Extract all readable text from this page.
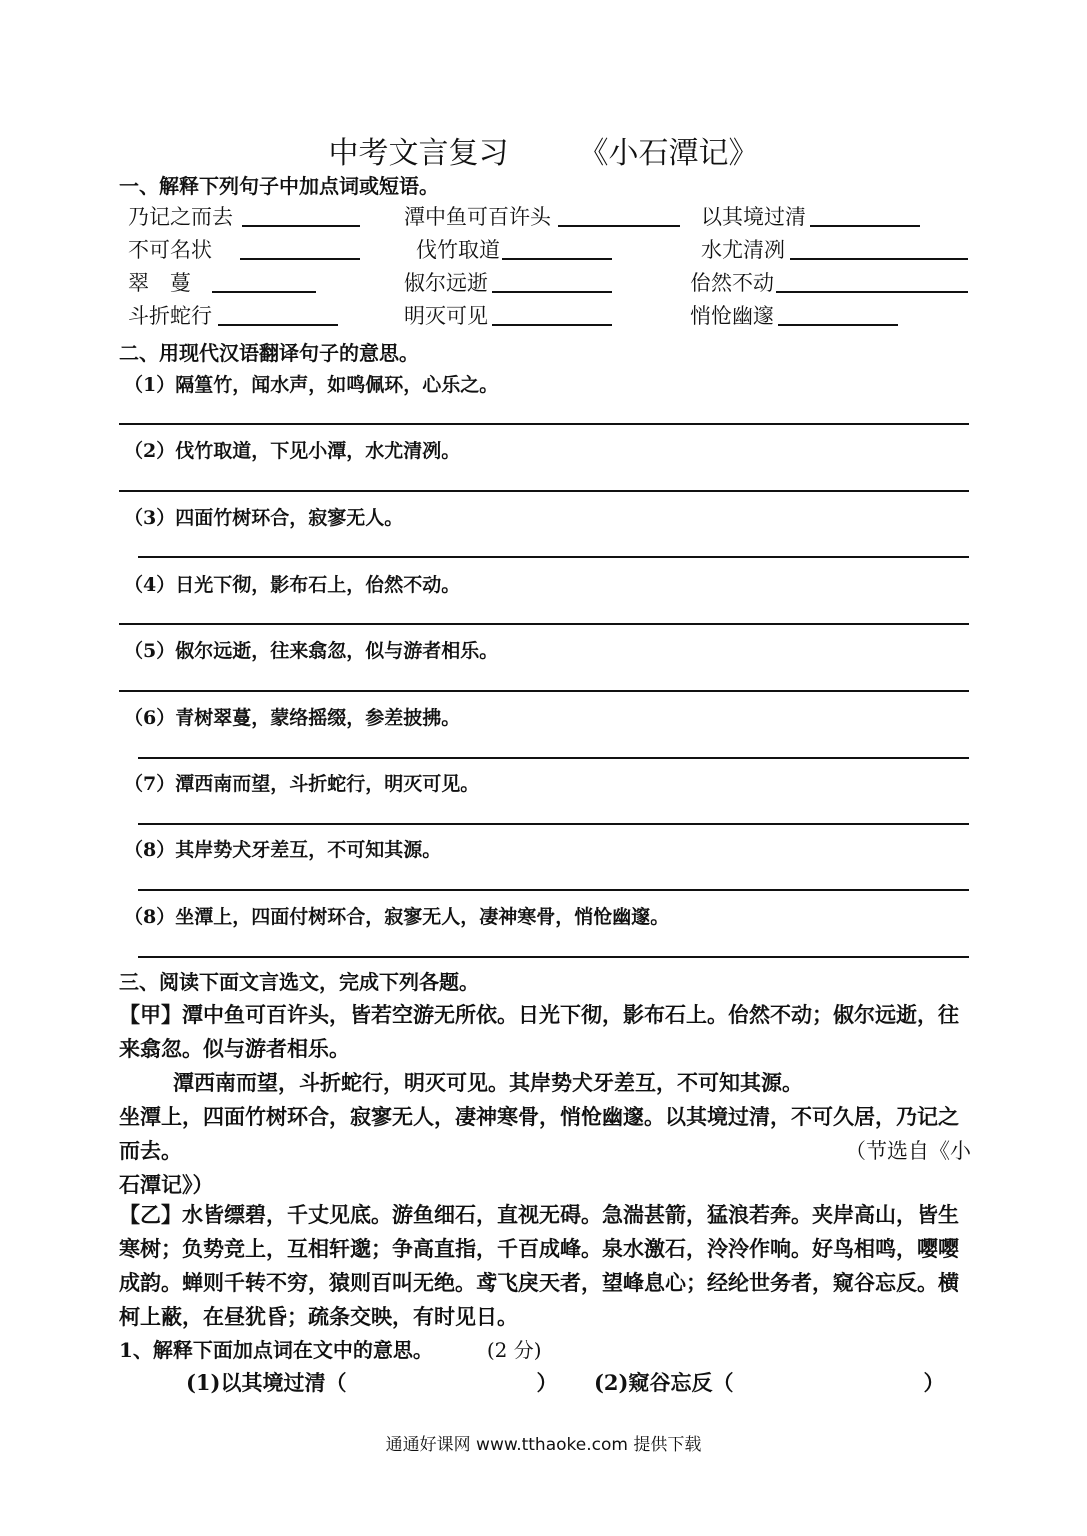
中考文言复习 《小石潭记》
一、解释下列句子中加点词或短语。
乃记之而去	潭中鱼可百许头	以其境过清
不可名状	伐竹取道	水尤清冽
翠　蔓	俶尔远逝	佁然不动
斗折蛇行	明灭可见	悄怆幽邃
二、用现代汉语翻译句子的意思。
（1）隔篁竹，闻水声，如鸣佩环，心乐之。
（2）伐竹取道，下见小潭，水尤清冽。
（3）四面竹树环合，寂寥无人。
（4）日光下彻，影布石上，佁然不动。
（5）俶尔远逝，往来翕忽，似与游者相乐。
（6）青树翠蔓，蒙络摇缀，参差披拂。
（7）潭西南而望，斗折蛇行，明灭可见。
（8）其岸势犬牙差互，不可知其源。
（8）坐潭上，四面付树环合，寂寥无人，凄神寒骨，悄怆幽邃。
三、阅读下面文言选文，完成下列各题。

【甲】潭中鱼可百许头，皆若空游无所依。日光下彻，影布石上。佁然不动；俶尔远逝，往来翕忽。似与游者相乐。

潭西南而望，斗折蛇行，明灭可见。其岸势犬牙差互，不可知其源。

坐潭上，四面竹树环合，寂寥无人，凄神寒骨，悄怆幽邃。以其境过清，不可久居，乃记之而去。	（节选自《小

石潭记》）

【乙】水皆缥碧，千丈见底。游鱼细石，直视无碍。急湍甚箭，猛浪若奔。夹岸高山，皆生寒树；负势竞上，互相轩邈；争高直指，千百成峰。泉水激石，泠泠作响。好鸟相鸣，嘤嘤成韵。蝉则千转不穷，猿则百叫无绝。鸢飞戾天者，望峰息心；经纶世务者，窥谷忘反。横柯上蔽，在昼犹昏；疏条交映，有时见日。
1、解释下面加点词在文中的意思。	(2 分)
(1)以其境过清（	） (2)窥谷忘反（	）
通通好课网 www.tthaoke.com 提供下载
